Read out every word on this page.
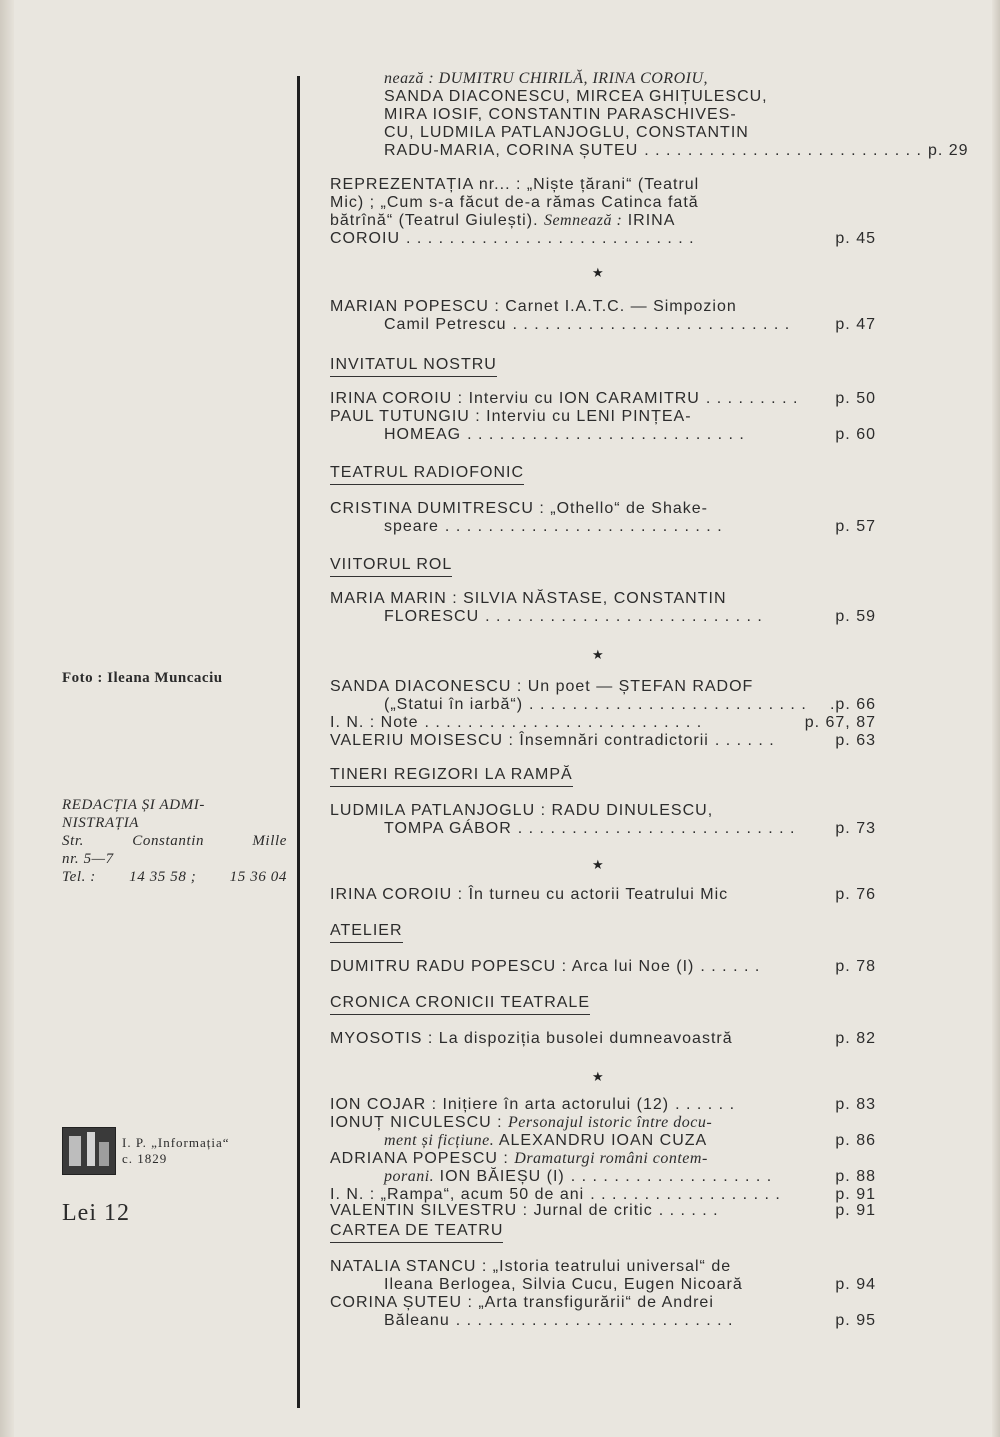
Foto : Ileana Muncaciu
REDACȚIA ȘI ADMI-
NISTRAȚIA
Str.	Constantin	Mille
nr. 5—7
Tel. : 14 35 58 ; 15 36 04
I. P. „Informația“
c. 1829
Lei 12
nează : DUMITRU CHIRILĂ, IRINA COROIU,
SANDA DIACONESCU, MIRCEA GHIȚULESCU,
MIRA IOSIF, CONSTANTIN PARASCHIVES-
CU, LUDMILA PATLANJOGLU, CONSTANTIN
RADU-MARIA, CORINA ȘUTEU . . . . . . . . . . . . . . . . . . . . . . . . . . p. 29
REPREZENTAȚIA nr... : „Niște țărani“ (Teatrul
Mic) ; „Cum s-a făcut de-a rămas Catinca fată
bătrînă“ (Teatrul Giulești). Semnează : IRINA
COROIU . . . . . . . . . . . . . . . . . . . . . . . . . . .	p. 45
★
MARIAN POPESCU : Carnet I.A.T.C. — Simpozion
Camil Petrescu . . . . . . . . . . . . . . . . . . . . . . . . . .	p. 47
INVITATUL NOSTRU
IRINA COROIU : Interviu cu ION CARAMITRU . . . . . . . . .	p. 50
PAUL TUTUNGIU : Interviu cu LENI PINȚEA-
HOMEAG . . . . . . . . . . . . . . . . . . . . . . . . . .	p. 60
TEATRUL RADIOFONIC
CRISTINA DUMITRESCU : „Othello“ de Shake-
speare . . . . . . . . . . . . . . . . . . . . . . . . . .	p. 57
VIITORUL ROL
MARIA MARIN : SILVIA NĂSTASE, CONSTANTIN
FLORESCU . . . . . . . . . . . . . . . . . . . . . . . . . .	p. 59
★
SANDA DIACONESCU : Un poet — ȘTEFAN RADOF
(„Statui în iarbă“) . . . . . . . . . . . . . . . . . . . . . . . . . .	.p. 66
I. N. : Note . . . . . . . . . . . . . . . . . . . . . . . . . .	p. 67, 87
VALERIU MOISESCU : Însemnări contradictorii . . . . . .	p. 63
TINERI REGIZORI LA RAMPĂ
LUDMILA PATLANJOGLU : RADU DINULESCU,
TOMPA GÁBOR . . . . . . . . . . . . . . . . . . . . . . . . . .	p. 73
★
IRINA COROIU : În turneu cu actorii Teatrului Mic	p. 76
ATELIER
DUMITRU RADU POPESCU : Arca lui Noe (I) . . . . . .	p. 78
CRONICA CRONICII TEATRALE
MYOSOTIS : La dispoziția busolei dumneavoastră	p. 82
★
ION COJAR : Inițiere în arta actorului (12) . . . . . .	p. 83
IONUȚ NICULESCU : Personajul istoric între docu-
ment și ficțiune. ALEXANDRU IOAN CUZA	p. 86
ADRIANA POPESCU : Dramaturgi români contem-
porani. ION BĂIEȘU (I) . . . . . . . . . . . . . . . . . . .	p. 88
I. N. : „Rampa“, acum 50 de ani . . . . . . . . . . . . . . . . . .	p. 91
VALENTIN SILVESTRU : Jurnal de critic . . . . . .	p. 91
CARTEA DE TEATRU
NATALIA STANCU : „Istoria teatrului universal“ de
Ileana Berlogea, Silvia Cucu, Eugen Nicoară	p. 94
CORINA ȘUTEU : „Arta transfigurării“ de Andrei
Băleanu . . . . . . . . . . . . . . . . . . . . . . . . . .	p. 95
